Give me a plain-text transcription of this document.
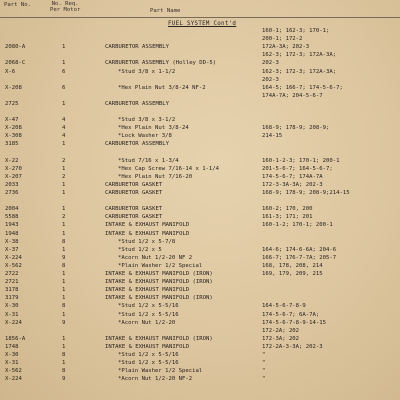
Part No.	No. Req.
Per Motor	Part Name
FUEL SYSTEM Cont'd
160-1; 162-3; 170-1;
200-1; 172-2
2080-A	1	CARBURETOR ASSEMBLY	172A-3A; 202-3
162-3; 172-3; 172A-3A;
2068-C	1	CARBURETOR ASSEMBLY (Holley DD-5)	202-3
X-6	6	*Stud 3/8 x 1-1/2	162-3; 172-3; 172A-3A;
202-3
X-208	6	*Hex Plain Nut 3/8-24 NF-2	164-5; 166-7; 174-5-6-7;
174A-7A; 204-5-6-7
2725	1	CARBURETOR ASSEMBLY
X-47	4	*Stud 3/8 x 3-1/2
X-208	4	*Hex Plain Nut 3/8-24	168-9; 178-9; 208-9;
X-308	4	*Lock Washer 3/8	214-15
3185	1	CARBURETOR ASSEMBLY
X-22	2	*Stud 7/16 x 1-3/4	160-1-2-3; 170-1; 200-1
X-270	1	*Hex Cap Screw 7/16-14 x 1-1/4	201-5-6-7; 164-5-6-7;
X-207	2	*Hex Plain Nut 7/16-20	174-5-6-7; 174A-7A
2033	1	CARBURETOR GASKET	172-3-3A-3A; 202-3
2736	1	CARBURETOR GASKET	168-9; 178-9; 208-9;214-15
2004	1	CARBURETOR GASKET	160-2; 170, 200
5588	2	CARBURETOR GASKET	161-3; 171; 201
1943	1	INTAKE & EXHAUST MANIFOLD	160-1-2; 170-1; 200-1
1948	1	INTAKE & EXHAUST MANIFOLD
X-38	8	*Stud 1/2 x 5-7/8
X-37	1	*Stud 1/2 x 5	164-6; 174-6-6A; 204-6
X-224	9	*Acorn Nut 1/2-20 NF 2	166-7; 176-7-7A; 205-7
X-562	8	*Plain Washer 1/2 Special	168, 178, 208, 214
2722	1	INTAKE & EXHAUST MANIFOLD (IRON)	169, 179, 209, 215
2721	1	INTAKE & EXHAUST MANIFOLD (IRON)
3178	1	INTAKE & EXHAUST MANIFOLD
3179	1	INTAKE & EXHAUST MANIFOLD (IRON)
X-30	8	*Stud 1/2 x 5-5/16	164-5-6-7-8-9
X-31	1	*Stud 1/2 x 5-5/16	174-5-6-7; 6A-7A;
X-224	9	*Acorn Nut 1/2-20	174-5-6-7-8-9-14-15
172-2A; 202
1856-A	1	INTAKE & EXHAUST MANIFOLD (IRON)	172-3A; 202
1748	1	INTAKE & EXHAUST MANIFOLD	172-2A-3-3A; 202-3
X-30	8	*Stud 1/2 x 5-5/16	"
X-31	1	*Stud 1/2 x 5-5/16	"
X-562	8	*Plain Washer 1/2 Special	"
X-224	9	*Acorn Nut 1/2-20 NF-2	"
